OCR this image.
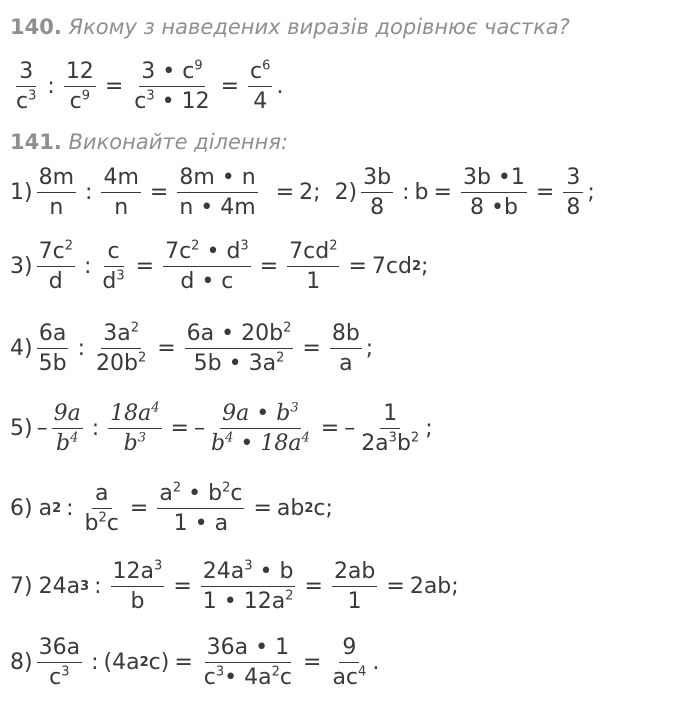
140.
Якому з наведених виразів дорівнює частка?
$\frac{3}{c^3}$ : $\frac{12}{c^9} = \frac{3 • c^9}{c^3 • 12} = \frac{c^6}{4}$ .
141.
Виконайте ділення:
$1) \frac{8m}{n}$ : $\frac{4m}{n} = \frac{8m • n}{n • 4m} = 2$ ; $2) \frac{3b}{8}$ : $b = \frac{3b •1}{8 •b} = \frac{3}{8}$ ;
$3) \frac{7c^2}{d}$ : $\frac{c}{d^3} = \frac{7c^2 • d^3}{d • c} = \frac{7cd^2}{1} = 7cd$ 2 ;
$4) \frac{6a}{5b}$ : $\frac{3a^2}{20b^2} = \frac{6a • 20b^2}{5b • 3a^2} = \frac{8b}{a}$ ;
$5) - \frac{9a}{b^4}$ : $\frac{18a^4}{b^3}$ = – $\frac{9a • b^3}{b^4 • 18a^4}$ = – $\frac{1}{2a^3b^2}$ ;
6) a 2 : $\frac{a}{b^2c} = \frac{a^2 • b^2c}{1 • a}$ = ab 2 c ;
7) 24a 3 : $\frac{12a^3}{b} = \frac{24a^3 • b}{1 • 12a^2} = \frac{2ab}{1} = 2ab$ ;
$8) \frac{36a}{c^3}$ : ( 4a 2 c ) = $\frac{36a • 1}{c^3• 4a^2c} = \frac{9}{ac^4}$ .
